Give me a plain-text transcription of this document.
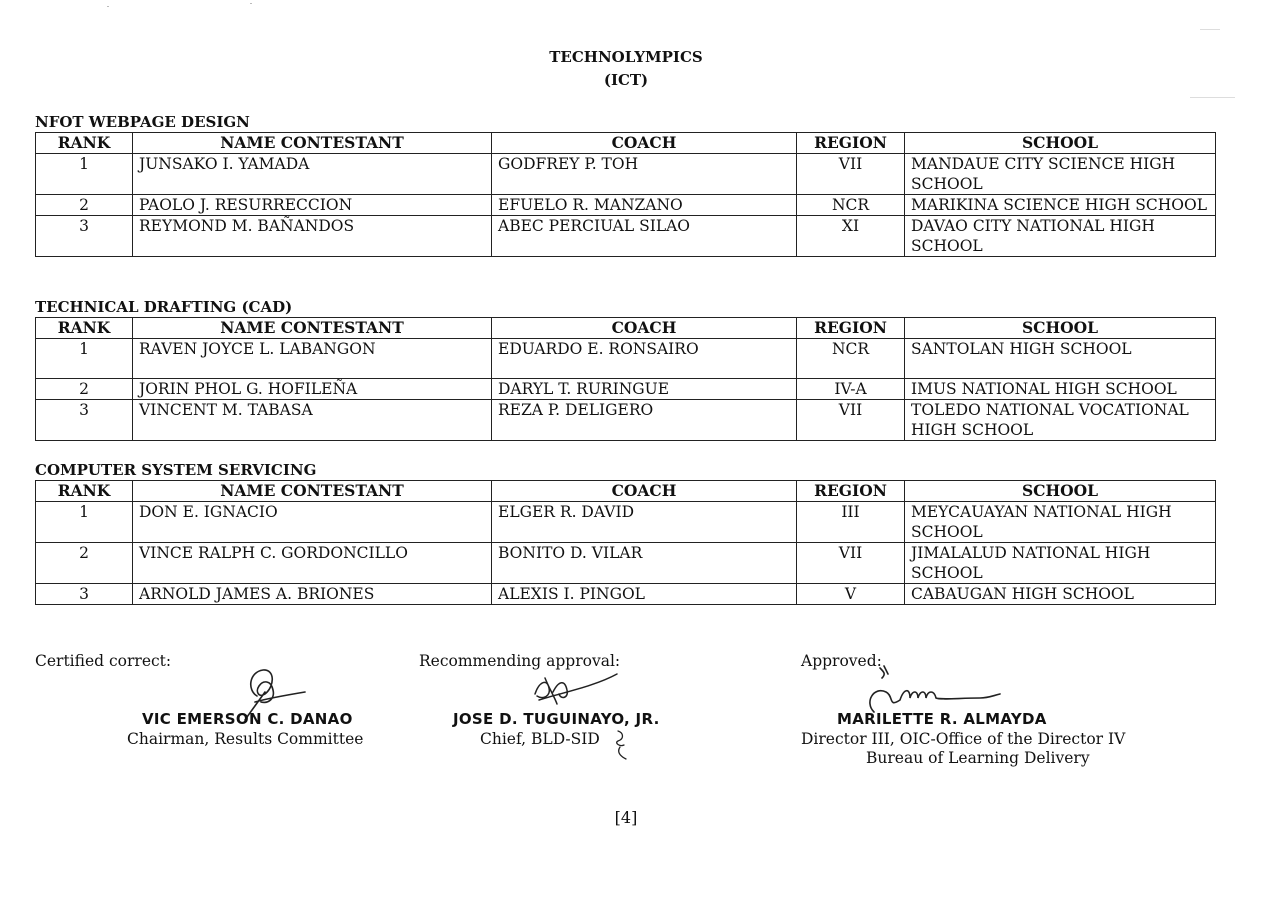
TECHNOLYMPICS
(ICT)
NFOT WEBPAGE DESIGN
RANK	NAME CONTESTANT	COACH	REGION	SCHOOL
1	JUNSAKO I. YAMADA	GODFREY P. TOH	VII	MANDAUE CITY SCIENCE HIGH SCHOOL
2	PAOLO J. RESURRECCION	EFUELO R. MANZANO	NCR	MARIKINA SCIENCE HIGH SCHOOL
3	REYMOND M. BAÑANDOS	ABEC PERCIUAL SILAO	XI	DAVAO CITY NATIONAL HIGH SCHOOL
TECHNICAL DRAFTING (CAD)
RANK	NAME CONTESTANT	COACH	REGION	SCHOOL
1	RAVEN JOYCE L. LABANGON	EDUARDO E. RONSAIRO	NCR	SANTOLAN HIGH SCHOOL
2	JORIN PHOL G. HOFILEÑA	DARYL T. RURINGUE	IV-A	IMUS NATIONAL HIGH SCHOOL
3	VINCENT M. TABASA	REZA P. DELIGERO	VII	TOLEDO NATIONAL VOCATIONAL HIGH SCHOOL
COMPUTER SYSTEM SERVICING
RANK	NAME CONTESTANT	COACH	REGION	SCHOOL
1	DON E. IGNACIO	ELGER R. DAVID	III	MEYCAUAYAN NATIONAL HIGH SCHOOL
2	VINCE RALPH C. GORDONCILLO	BONITO D. VILAR	VII	JIMALALUD NATIONAL HIGH SCHOOL
3	ARNOLD JAMES A. BRIONES	ALEXIS I. PINGOL	V	CABAUGAN HIGH SCHOOL
Certified correct:
VIC EMERSON C. DANAO
Chairman, Results Committee
Recommending approval:
JOSE D. TUGUINAYO, JR.
Chief, BLD-SID
Approved:
MARILETTE R. ALMAYDA
Director III, OIC-Office of the Director IV
Bureau of Learning Delivery
[4]
